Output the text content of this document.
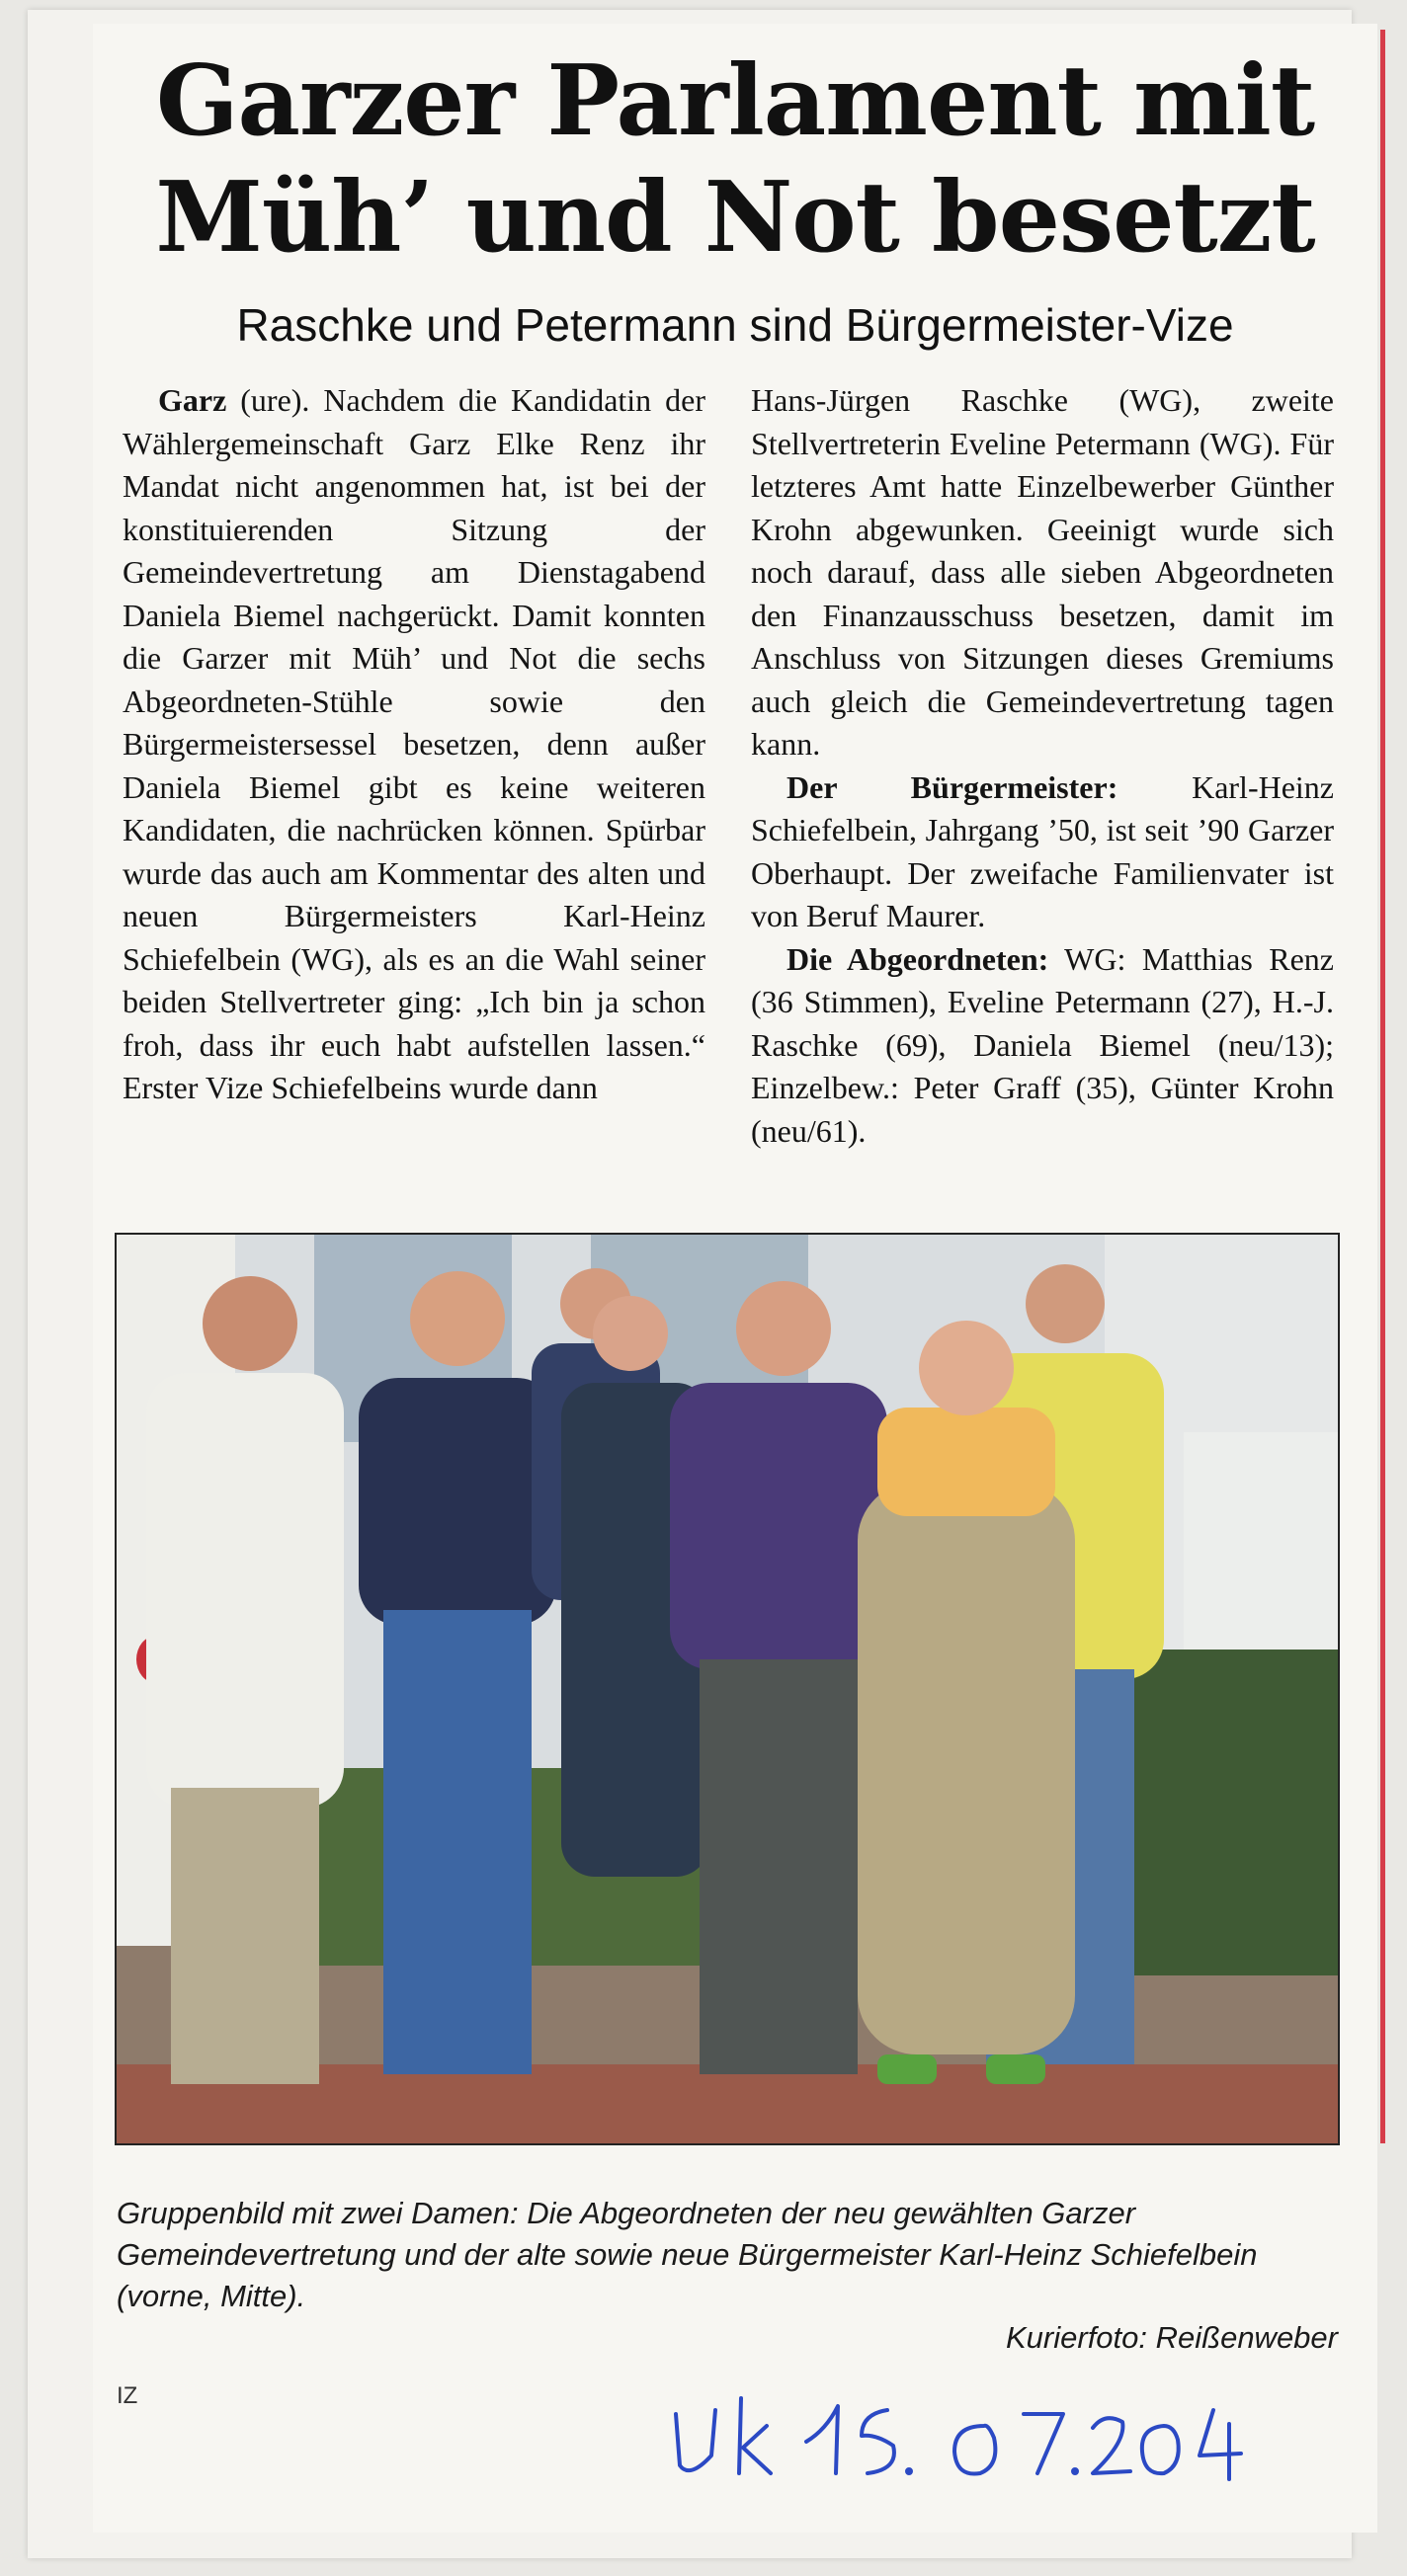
Garzer Parlament mit
Müh’ und Not besetzt
Raschke und Petermann sind Bürgermeister-Vize

Garz (ure). Nachdem die Kandidatin der Wählergemeinschaft Garz Elke Renz ihr Mandat nicht angenommen hat, ist bei der konstituierenden Sitzung der Gemeindevertretung am Dienstagabend Daniela Biemel nachgerückt. Damit konnten die Garzer mit Müh’ und Not die sechs Abgeordneten-Stühle sowie den Bürgermeistersessel besetzen, denn außer Daniela Biemel gibt es keine weiteren Kandidaten, die nachrücken können. Spürbar wurde das auch am Kommentar des alten und neuen Bürgermeisters Karl-Heinz Schiefelbein (WG), als es an die Wahl seiner beiden Stellvertreter ging: „Ich bin ja schon froh, dass ihr euch habt aufstellen lassen.“ Erster Vize Schiefelbeins wurde dann

Hans-Jürgen Raschke (WG), zweite Stellvertreterin Eveline Petermann (WG). Für letzteres Amt hatte Einzelbewerber Günther Krohn abgewunken. Geeinigt wurde sich noch darauf, dass alle sieben Abgeordneten den Finanzausschuss besetzen, damit im Anschluss von Sitzungen dieses Gremiums auch gleich die Gemeindevertretung tagen kann.

Der Bürgermeister: Karl-Heinz Schiefelbein, Jahrgang ’50, ist seit ’90 Garzer Oberhaupt. Der zweifache Familienvater ist von Beruf Maurer.

Die Abgeordneten: WG: Matthias Renz (36 Stimmen), Eveline Petermann (27), H.-J. Raschke (69), Daniela Biemel (neu/13); Einzelbew.: Peter Graff (35), Günter Krohn (neu/61).

Gruppenbild mit zwei Damen: Die Abgeordneten der neu gewählten Garzer Gemeindevertretung und der alte sowie neue Bürgermeister Karl-Heinz Schiefelbein (vorne, Mitte).
Kurierfoto: Reißenweber
IZ
